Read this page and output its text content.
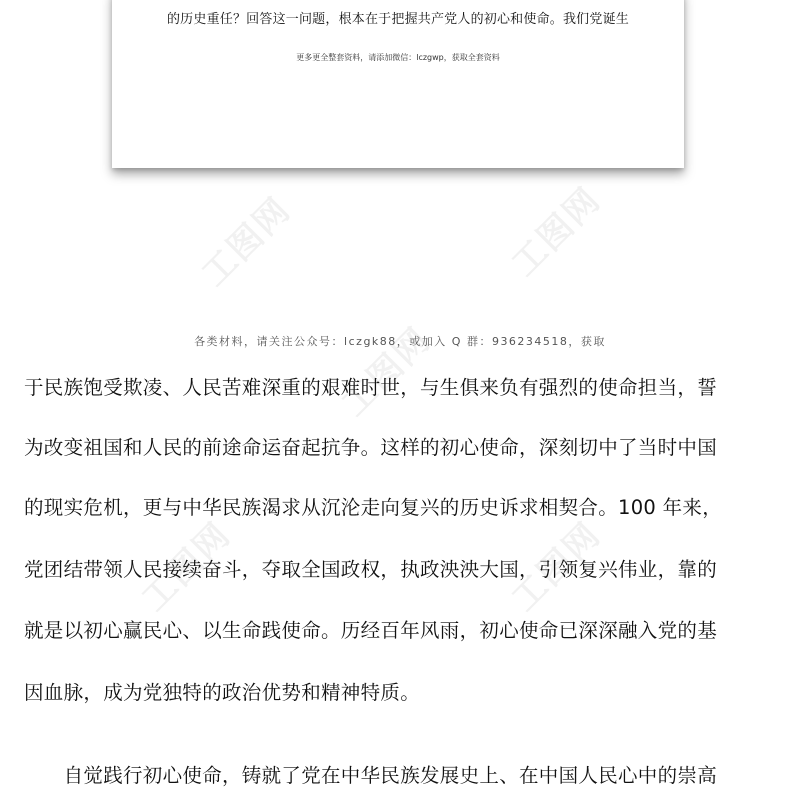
的历史重任？回答这一问题，根本在于把握共产党人的初心和使命。我们党诞生
更多更全整套资料，请添加微信：lczgwp，获取全套资料
工图网	工图网
工图网
工图网	工图网
各类材料，请关注公众号：lczgk88，或加入 Q 群：936234518，获取
于民族饱受欺凌、人民苦难深重的艰难时世，与生俱来负有强烈的使命担当，誓
为改变祖国和人民的前途命运奋起抗争。这样的初心使命，深刻切中了当时中国
的现实危机，更与中华民族渴求从沉沦走向复兴的历史诉求相契合。100 年来，
党团结带领人民接续奋斗，夺取全国政权，执政泱泱大国，引领复兴伟业，靠的
就是以初心赢民心、以生命践使命。历经百年风雨，初心使命已深深融入党的基
因血脉，成为党独特的政治优势和精神特质。
　　自觉践行初心使命，铸就了党在中华民族发展史上、在中国人民心中的崇高
